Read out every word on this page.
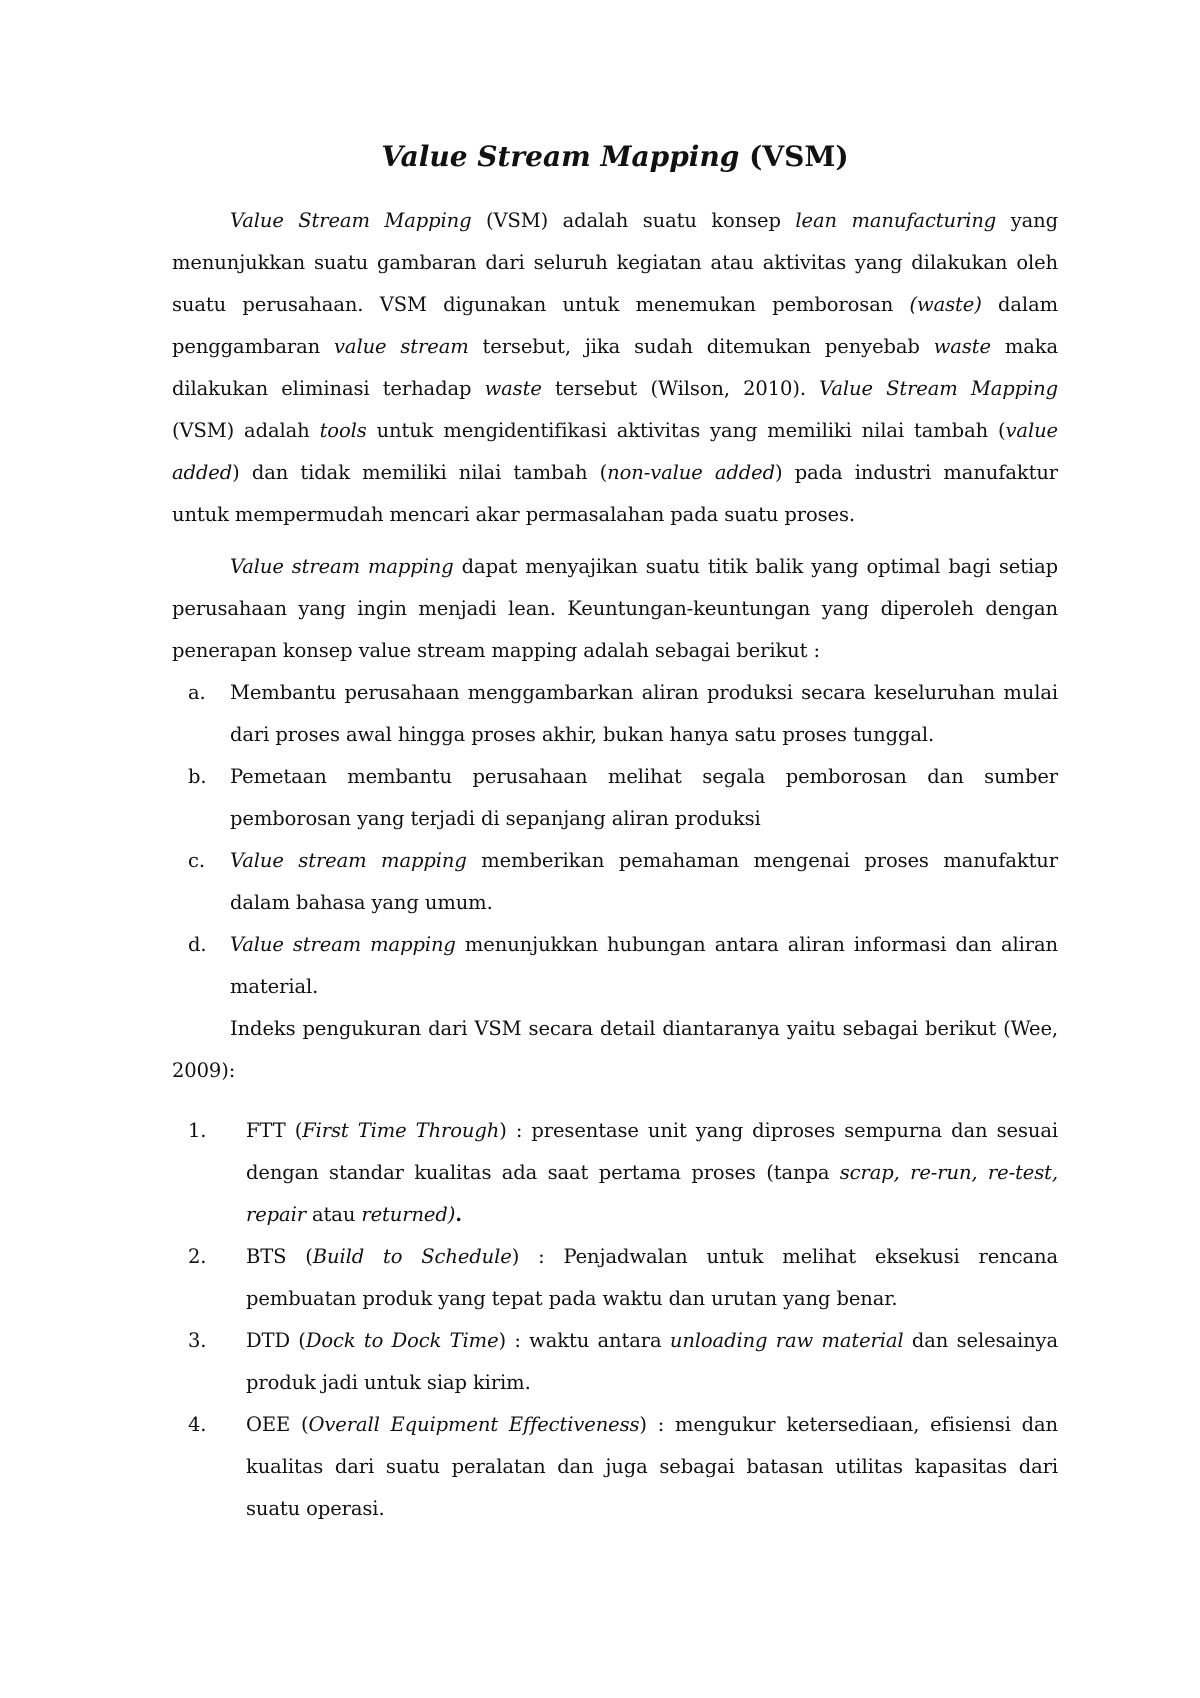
Value Stream Mapping (VSM)

Value Stream Mapping (VSM) adalah suatu konsep lean manufacturing yang menunjukkan suatu gambaran dari seluruh kegiatan atau aktivitas yang dilakukan oleh suatu perusahaan. VSM digunakan untuk menemukan pemborosan (waste) dalam penggambaran value stream tersebut, jika sudah ditemukan penyebab waste maka dilakukan eliminasi terhadap waste tersebut (Wilson, 2010). Value Stream Mapping (VSM) adalah tools untuk mengidentifikasi aktivitas yang memiliki nilai tambah (value added) dan tidak memiliki nilai tambah (non-value added) pada industri manufaktur untuk mempermudah mencari akar permasalahan pada suatu proses.

Value stream mapping dapat menyajikan suatu titik balik yang optimal bagi setiap perusahaan yang ingin menjadi lean. Keuntungan-keuntungan yang diperoleh dengan penerapan konsep value stream mapping adalah sebagai berikut :

a. Membantu perusahaan menggambarkan aliran produksi secara keseluruhan mulai dari proses awal hingga proses akhir, bukan hanya satu proses tunggal.
b. Pemetaan membantu perusahaan melihat segala pemborosan dan sumber pemborosan yang terjadi di sepanjang aliran produksi
c. Value stream mapping memberikan pemahaman mengenai proses manufaktur dalam bahasa yang umum.
d. Value stream mapping menunjukkan hubungan antara aliran informasi dan aliran material.

Indeks pengukuran dari VSM secara detail diantaranya yaitu sebagai berikut (Wee, 2009):

1. FTT (First Time Through) : presentase unit yang diproses sempurna dan sesuai dengan standar kualitas ada saat pertama proses (tanpa scrap, re-run, re-test, repair atau returned).
2. BTS (Build to Schedule) : Penjadwalan untuk melihat eksekusi rencana pembuatan produk yang tepat pada waktu dan urutan yang benar.
3. DTD (Dock to Dock Time) : waktu antara unloading raw material dan selesainya produk jadi untuk siap kirim.
4. OEE (Overall Equipment Effectiveness) : mengukur ketersediaan, efisiensi dan kualitas dari suatu peralatan dan juga sebagai batasan utilitas kapasitas dari suatu operasi.
